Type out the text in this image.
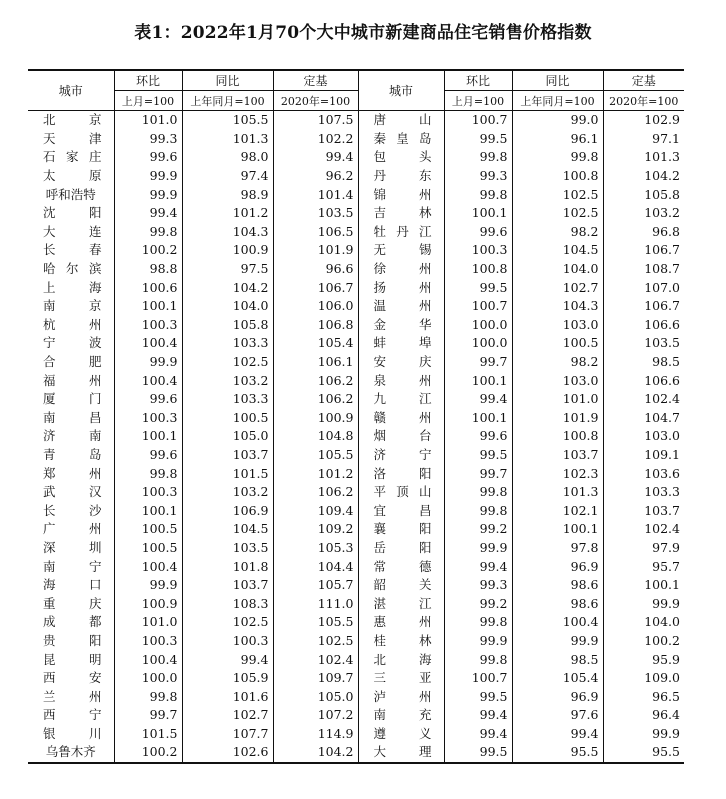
表1：2022年1月70个大中城市新建商品住宅销售价格指数
城市	环比	同比	定基	城市	环比	同比	定基
	上月=100	上年同月=100	2020年=100		上月=100	上年同月=100	2020年=100
北京	101.0	105.5	107.5	唐山	100.7	99.0	102.9
天津	99.3	101.3	102.2	秦皇岛	99.5	96.1	97.1
石家庄	99.6	98.0	99.4	包头	99.8	99.8	101.3
太原	99.9	97.4	96.2	丹东	99.3	100.8	104.2
呼和浩特	99.9	98.9	101.4	锦州	99.8	102.5	105.8
沈阳	99.4	101.2	103.5	吉林	100.1	102.5	103.2
大连	99.8	104.3	106.5	牡丹江	99.6	98.2	96.8
长春	100.2	100.9	101.9	无锡	100.3	104.5	106.7
哈尔滨	98.8	97.5	96.6	徐州	100.8	104.0	108.7
上海	100.6	104.2	106.7	扬州	99.5	102.7	107.0
南京	100.1	104.0	106.0	温州	100.7	104.3	106.7
杭州	100.3	105.8	106.8	金华	100.0	103.0	106.6
宁波	100.4	103.3	105.4	蚌埠	100.0	100.5	103.5
合肥	99.9	102.5	106.1	安庆	99.7	98.2	98.5
福州	100.4	103.2	106.2	泉州	100.1	103.0	106.6
厦门	99.6	103.3	106.2	九江	99.4	101.0	102.4
南昌	100.3	100.5	100.9	赣州	100.1	101.9	104.7
济南	100.1	105.0	104.8	烟台	99.6	100.8	103.0
青岛	99.6	103.7	105.5	济宁	99.5	103.7	109.1
郑州	99.8	101.5	101.2	洛阳	99.7	102.3	103.6
武汉	100.3	103.2	106.2	平顶山	99.8	101.3	103.3
长沙	100.1	106.9	109.4	宜昌	99.8	102.1	103.7
广州	100.5	104.5	109.2	襄阳	99.2	100.1	102.4
深圳	100.5	103.5	105.3	岳阳	99.9	97.8	97.9
南宁	100.4	101.8	104.4	常德	99.4	96.9	95.7
海口	99.9	103.7	105.7	韶关	99.3	98.6	100.1
重庆	100.9	108.3	111.0	湛江	99.2	98.6	99.9
成都	101.0	102.5	105.5	惠州	99.8	100.4	104.0
贵阳	100.3	100.3	102.5	桂林	99.9	99.9	100.2
昆明	100.4	99.4	102.4	北海	99.8	98.5	95.9
西安	100.0	105.9	109.7	三亚	100.7	105.4	109.0
兰州	99.8	101.6	105.0	泸州	99.5	96.9	96.5
西宁	99.7	102.7	107.2	南充	99.4	97.6	96.4
银川	101.5	107.7	114.9	遵义	99.4	99.4	99.9
乌鲁木齐	100.2	102.6	104.2	大理	99.5	95.5	95.5
